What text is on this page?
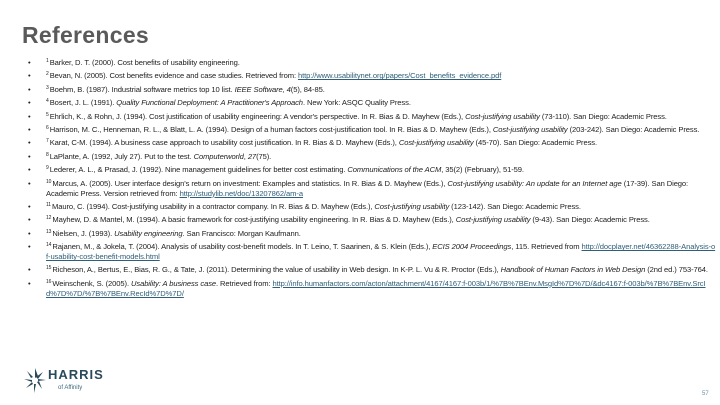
References
•	$^1$Barker, D. T. (2000). Cost benefits of usability engineering.
•	$^2$Bevan, N. (2005). Cost benefits evidence and case studies. Retrieved from: http://www.usabilitynet.org/papers/Cost_benefits_evidence.pdf
•	$^3$Boehm, B. (1987). Industrial software metrics top 10 list. IEEE Software, 4(5), 84-85.
•	$^4$Bosert, J. L. (1991). Quality Functional Deployment: A Practitioner's Approach. New York: ASQC Quality Press.
•	$^5$Ehrlich, K., & Rohn, J. (1994). Cost justification of usability engineering: A vendor's perspective. In R. Bias & D. Mayhew (Eds.), Cost-justifying usability (73-110). San Diego: Academic Press.
•	$^6$Harrison, M. C., Henneman, R. L., & Blatt, L. A. (1994). Design of a human factors cost-justification tool. In R. Bias & D. Mayhew (Eds.), Cost-justifying usability (203-242). San Diego: Academic Press.
•	$^7$Karat, C-M. (1994). A business case approach to usability cost justification. In R. Bias & D. Mayhew (Eds.), Cost-justifying usability (45-70). San Diego: Academic Press.
•	$^8$LaPlante, A. (1992, July 27). Put to the test. Computerworld, 27(75).
•	$^9$Lederer, A. L., & Prasad, J. (1992). Nine management guidelines for better cost estimating. Communications of the ACM, 35(2) (February), 51-59.
•	$^{10}$Marcus, A. (2005). User interface design's return on investment: Examples and statistics. In R. Bias & D. Mayhew (Eds.), Cost-justifying usability: An update for an Internet age (17-39). San Diego: Academic Press. Version retrieved from: http://studylib.net/doc/13207862/am-a
•	$^{11}$Mauro, C. (1994). Cost-justifying usability in a contractor company. In R. Bias & D. Mayhew (Eds.), Cost-justifying usability (123-142). San Diego: Academic Press.
•	$^{12}$Mayhew, D. & Mantel, M. (1994). A basic framework for cost-justifying usability engineering. In R. Bias & D. Mayhew (Eds.), Cost-justifying usability (9-43). San Diego: Academic Press.
•	$^{13}$Nielsen, J. (1993). Usability engineering. San Francisco: Morgan Kaufmann.
•	$^{14}$Rajanen, M., & Jokela, T. (2004). Analysis of usability cost-benefit models. In T. Leino, T. Saarinen, & S. Klein (Eds.), ECIS 2004 Proceedings, 115. Retrieved from http://docplayer.net/46362288-Analysis-of-usability-cost-benefit-models.html
•	$^{15}$Richeson, A., Bertus, E., Bias, R. G., & Tate, J. (2011). Determining the value of usability in Web design. In K-P. L. Vu & R. Proctor (Eds.), Handbook of Human Factors in Web Design (2nd ed.) 753-764.
•	$^{16}$Weinschenk, S. (2005). Usability: A business case. Retrieved from: http://info.humanfactors.com/acton/attachment/4167/4167:f-003b/1/%7B%7BEnv.MsgId%7D%7D/&dc4167:f-003b/%7B%7BEnv.SrcId%7D%7D/%7B%7BEnv.RecId%7D%7D/
HARRIS
of Affinity
57
